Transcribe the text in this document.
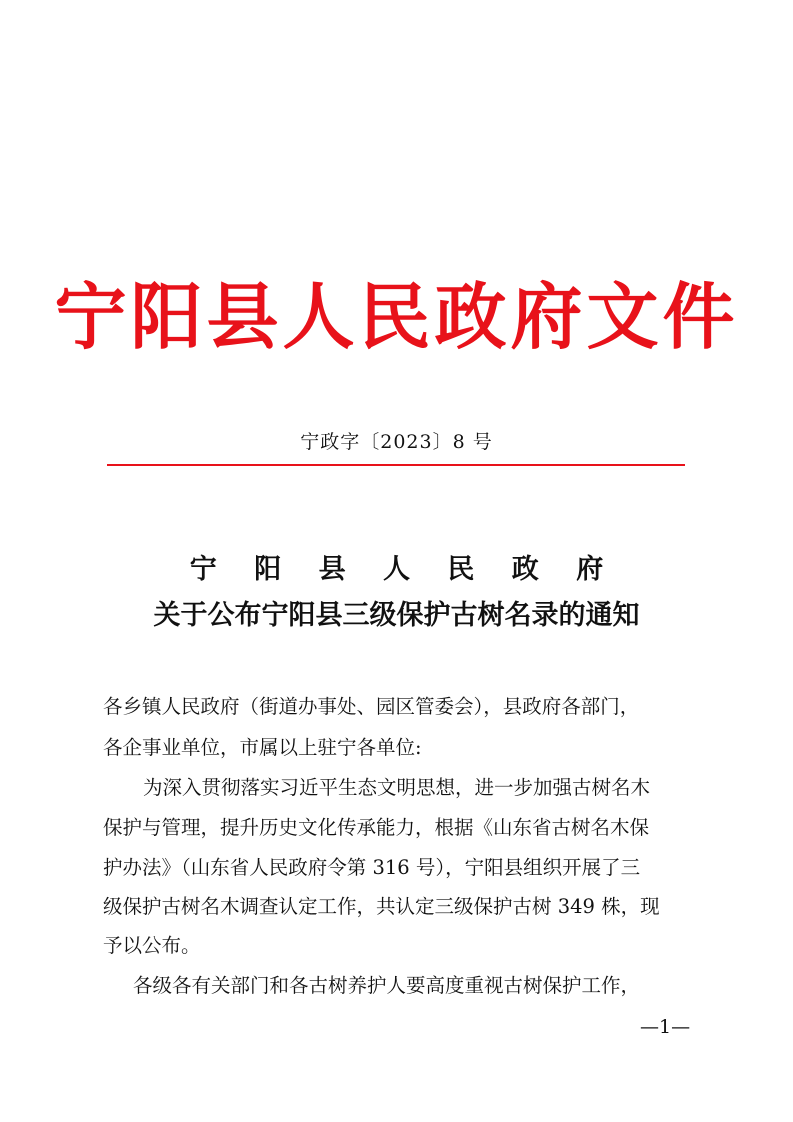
宁阳县人民政府文件
宁政字〔2023〕8 号
宁 阳 县 人 民 政 府
关于公布宁阳县三级保护古树名录的通知
各乡镇人民政府（街道办事处、园区管委会），县政府各部门，
各企事业单位，市属以上驻宁各单位:
为深入贯彻落实习近平生态文明思想，进一步加强古树名木
保护与管理，提升历史文化传承能力，根据《山东省古树名木保
护办法》（山东省人民政府令第 316 号），宁阳县组织开展了三
级保护古树名木调查认定工作，共认定三级保护古树 349 株，现
予以公布。
各级各有关部门和各古树养护人要高度重视古树保护工作，
—1—
